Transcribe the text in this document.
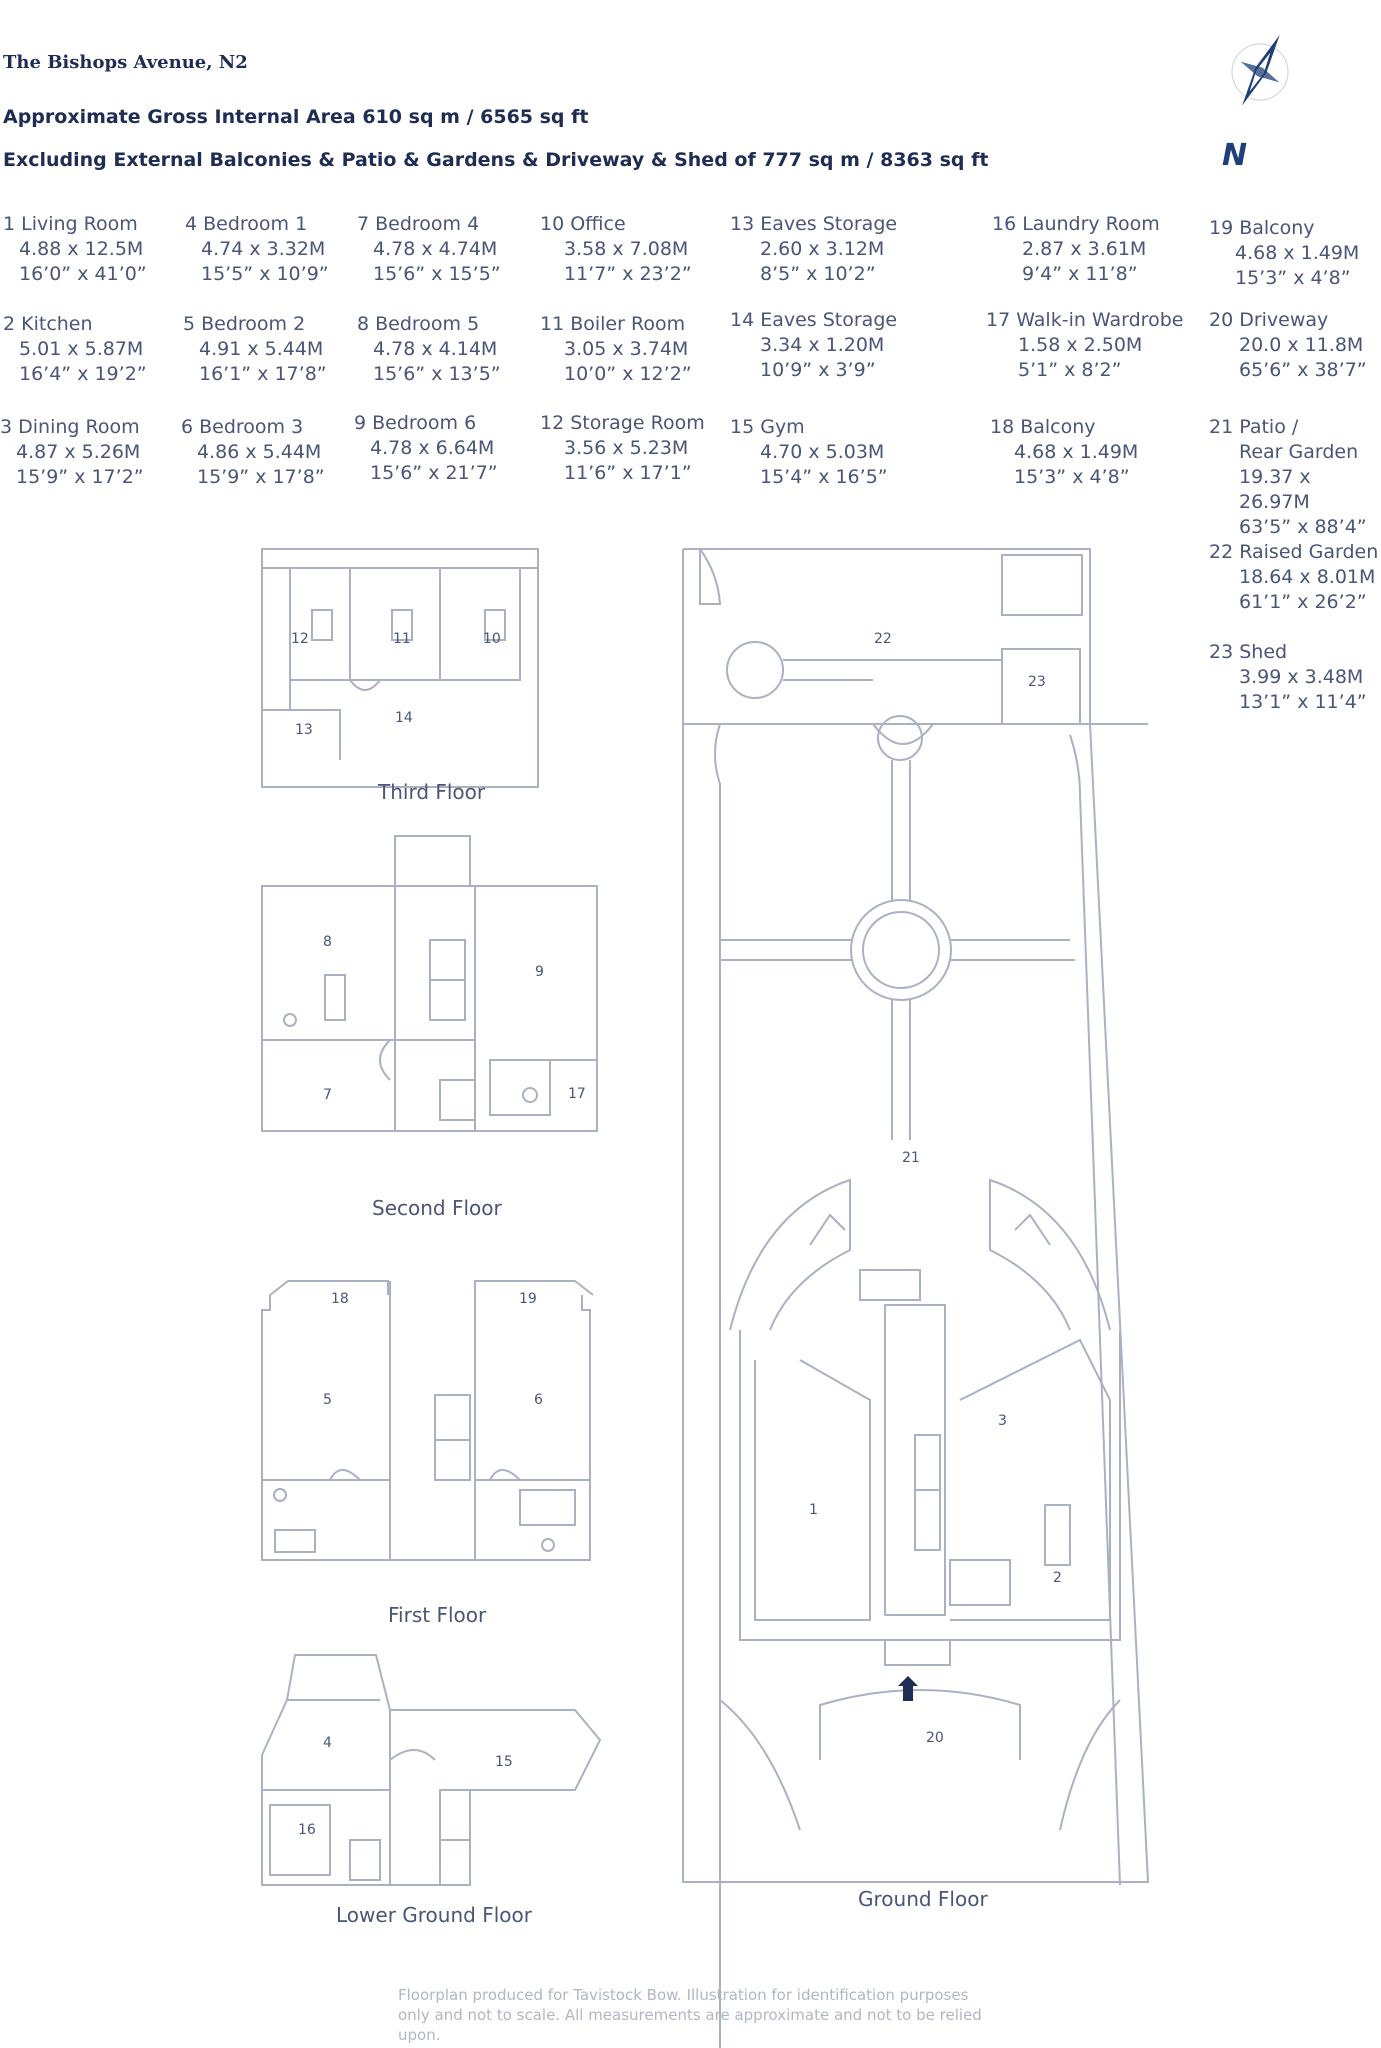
The Bishops Avenue, N2
Approximate Gross Internal Area 610 sq m / 6565 sq ft
Excluding External Balconies & Patio & Gardens & Driveway & Shed of 777 sq m / 8363 sq ft	N
1 Living Room
4.88 x 12.5M
16’0” x 41’0”
2 Kitchen
5.01 x 5.87M
16’4” x 19’2”
3 Dining Room
4.87 x 5.26M
15’9” x 17’2”
4 Bedroom 1
4.74 x 3.32M
15’5” x 10’9”
5 Bedroom 2
4.91 x 5.44M
16’1” x 17’8”
6 Bedroom 3
4.86 x 5.44M
15’9” x 17’8”
7 Bedroom 4
4.78 x 4.74M
15’6” x 15’5”
8 Bedroom 5
4.78 x 4.14M
15’6” x 13’5”
9 Bedroom 6
4.78 x 6.64M
15’6” x 21’7”
10 Office
3.58 x 7.08M
11’7” x 23’2”
11 Boiler Room
3.05 x 3.74M
10’0” x 12’2”
12 Storage Room
3.56 x 5.23M
11’6” x 17’1”
13 Eaves Storage
2.60 x 3.12M
8’5” x 10’2”
14 Eaves Storage
3.34 x 1.20M
10’9” x 3’9”
15 Gym
4.70 x 5.03M
15’4” x 16’5”
16 Laundry Room
2.87 x 3.61M
9’4” x 11’8”
17 Walk-in Wardrobe
1.58 x 2.50M
5’1” x 8’2”
18 Balcony
4.68 x 1.49M
15’3” x 4’8”
19 Balcony
4.68 x 1.49M
15’3” x 4’8”
20 Driveway
20.0 x 11.8M
65’6” x 38’7”
21 Patio /
Rear Garden
19.37 x 26.97M
63’5” x 88’4”
22 Raised Garden
18.64 x 8.01M
61’1” x 26’2”
23 Shed
3.99 x 3.48M
13’1” x 11’4”
12	11	10
13
14
8
9
7	17
18	19
5	6
4
15
16
22
23
21
1
3
2
20
Third Floor
Second Floor
First Floor
Lower Ground Floor
Ground Floor
Floorplan produced for Tavistock Bow. Illustration for identification purposes only and not to scale. All measurements are approximate and not to be relied upon.
